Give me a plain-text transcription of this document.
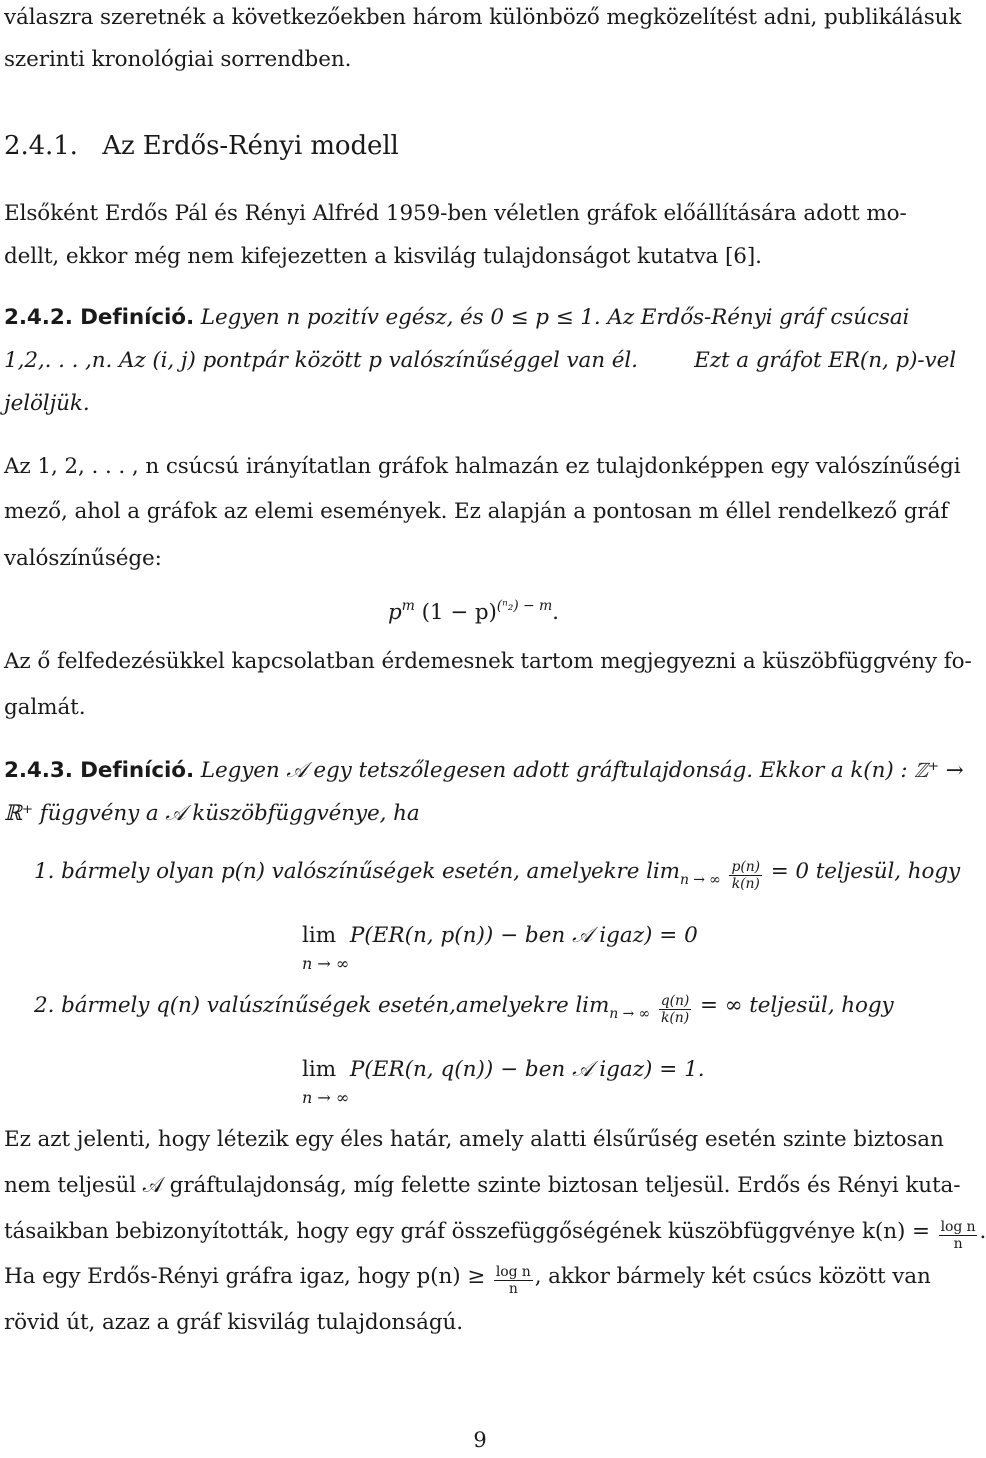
válaszra szeretnék a következőekben három különböző megközelítést adni, publikálásuk
szerinti kronológiai sorrendben.
2.4.1. Az Erdős-Rényi modell
Elsőként Erdős Pál és Rényi Alfréd 1959-ben véletlen gráfok előállítására adott mo-
dellt, ekkor még nem kifejezetten a kisvilág tulajdonságot kutatva [6].
2.4.2. Definíció. Legyen n pozitív egész, és 0 ≤ p ≤ 1. Az Erdős-Rényi gráf csúcsai
1,2,. . . ,n. Az (i, j) pontpár között p valószínűséggel van él.	Ezt a gráfot ER(n, p)-vel
jelöljük.
Az 1, 2, . . . , n csúcsú irányítatlan gráfok halmazán ez tulajdonképpen egy valószínűségi
mező, ahol a gráfok az elemi események. Ez alapján a pontosan m éllel rendelkező gráf
valószínűsége:
$p^m$ $(1 - p)^{(^n_2) - m}$.
Az ő felfedezésükkel kapcsolatban érdemesnek tartom megjegyezni a küszöbfüggvény fo-
galmát.
2.4.3. Definíció. Legyen 𝒜 egy tetszőlegesen adott gráftulajdonság. Ekkor a k(n) : ℤ⁺ →
ℝ⁺ függvény a 𝒜 küszöbfüggvénye, ha
1. bármely olyan p(n) valószínűségek esetén, amelyekre $\lim_{n \to \infty} \frac{p(n)}{k(n)} = 0$ teljesül, hogy
lim
n → ∞
P(ER(n, p(n)) − ben 𝒜 igaz) = 0
2. bármely q(n) valúszínűségek esetén,amelyekre $\lim_{n \to \infty} \frac{q(n)}{k(n)}$ = ∞ teljesül, hogy
lim
n → ∞
P(ER(n, q(n)) − ben 𝒜 igaz) = 1.
Ez azt jelenti, hogy létezik egy éles határ, amely alatti élsűrűség esetén szinte biztosan
nem teljesül 𝒜 gráftulajdonság, míg felette szinte biztosan teljesül. Erdős és Rényi kuta-
tásaikban bebizonyították, hogy egy gráf összefüggőségének küszöbfüggvénye $k(n) = \frac{\text{log n}}{n}$ .
Ha egy Erdős-Rényi gráfra igaz, hogy $p(n) \ge \frac{\text{log n}}{n}$ , akkor bármely két csúcs között van
rövid út, azaz a gráf kisvilág tulajdonságú.
9
